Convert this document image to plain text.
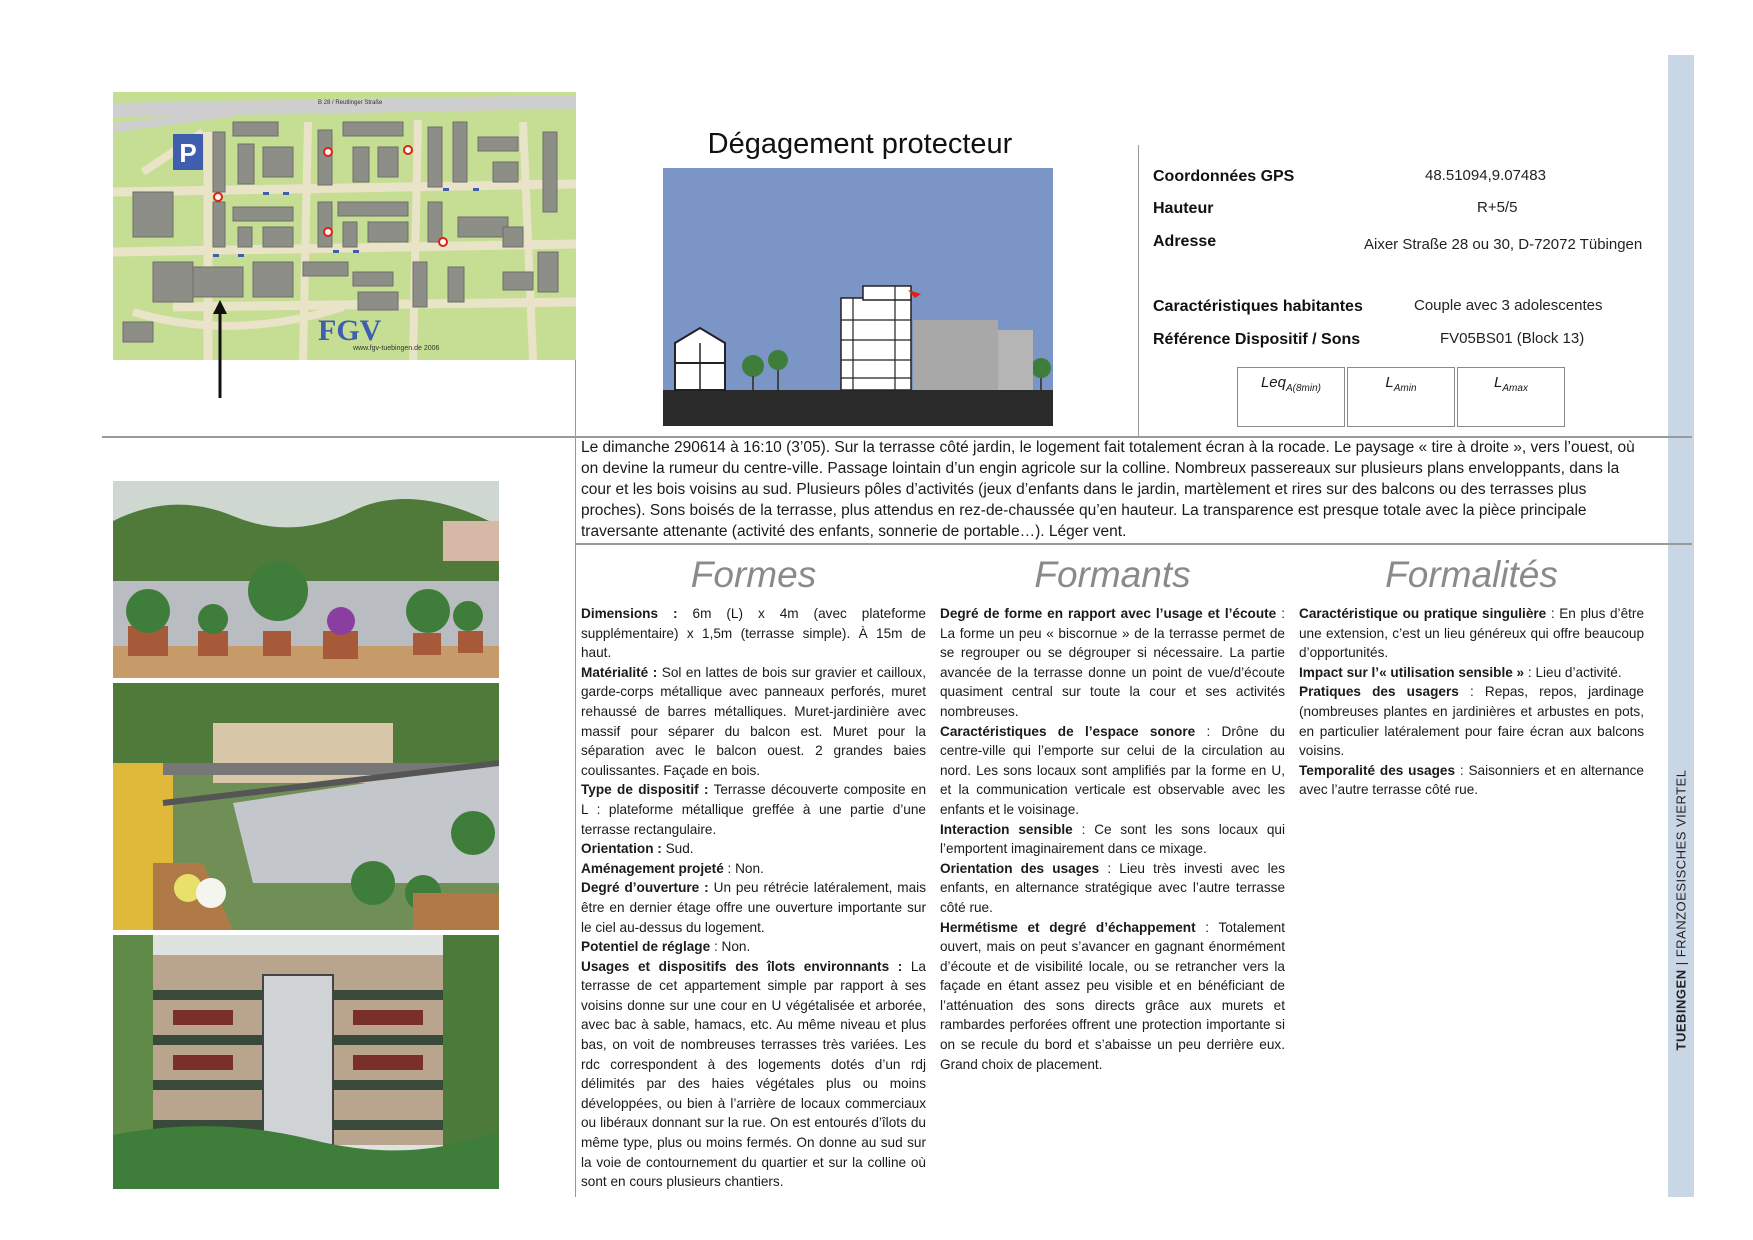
TUEBINGEN | FRANZOESISCHES VIERTEL
P
FGV
www.fgv-tuebingen.de 2006
B 28 / Reutlinger Straße
Dégagement protecteur
Coordonnées GPS	48.51094,9.07483
Hauteur	R+5/5
Adresse	Aixer Straße 28 ou 30, D-72072 Tübingen
Caractéristiques habitantes	Couple avec 3 adolescentes
Référence Dispositif / Sons	FV05BS01 (Block 13)
Leq$_{A(8min)}$	$L_{Amin}$	$L_{Amax}$
Le dimanche 290614 à 16:10 (3’05). Sur la terrasse côté jardin, le logement fait totalement écran à la rocade. Le paysage « tire à droite », vers l’ouest, où on devine la rumeur du centre-ville. Passage lointain d’un engin agricole sur la colline. Nombreux passereaux sur plusieurs plans enveloppants, dans la cour et les bois voisins au sud. Plusieurs pôles d’activités (jeux d’enfants dans le jardin, martèlement et rires sur des balcons ou des terrasses plus proches). Sons boisés de la terrasse, plus attendus en rez-de-chaussée qu’en hauteur. La transparence est presque totale avec la pièce principale traversante attenante (activité des enfants, sonnerie de portable…). Léger vent.
Formes	Formants	Formalités

Dimensions : 6m (L) x 4m (avec plateforme supplémentaire) x 1,5m (terrasse simple). À 15m de haut.

Matérialité : Sol en lattes de bois sur gravier et cailloux, garde-corps métallique avec panneaux perforés, muret rehaussé de barres métalliques. Muret-jardinière avec massif pour séparer du balcon est. Muret pour la séparation avec le balcon ouest. 2 grandes baies coulissantes. Façade en bois.

Type de dispositif : Terrasse découverte composite en L : plateforme métallique greffée à une partie d’une terrasse rectangulaire.

Orientation : Sud.

Aménagement projeté : Non.

Degré d’ouverture : Un peu rétrécie latéralement, mais être en dernier étage offre une ouverture importante sur le ciel au-dessus du logement.

Potentiel de réglage : Non.

Usages et dispositifs des îlots environnants : La terrasse de cet appartement simple par rapport à ses voisins donne sur une cour en U végétalisée et arborée, avec bac à sable, hamacs, etc. Au même niveau et plus bas, on voit de nombreuses terrasses très variées. Les rdc correspondent à des logements dotés d’un rdj délimités par des haies végétales plus ou moins développées, ou bien à l’arrière de locaux commerciaux ou libéraux donnant sur la rue. On est entourés d’îlots du même type, plus ou moins fermés. On donne au sud sur la voie de contournement du quartier et sur la colline où sont en cours plusieurs chantiers.

Degré de forme en rapport avec l’usage et l’écoute : La forme un peu « biscornue » de la terrasse permet de se regrouper ou se dégrouper si nécessaire. La partie avancée de la terrasse donne un point de vue/d’écoute quasiment central sur toute la cour et ses activités nombreuses.

Caractéristiques de l’espace sonore : Drône du centre-ville qui l’emporte sur celui de la circulation au nord. Les sons locaux sont amplifiés par la forme en U, et la communication verticale est observable avec les enfants et le voisinage.

Interaction sensible : Ce sont les sons locaux qui l’emportent imaginairement dans ce mixage.

Orientation des usages : Lieu très investi avec les enfants, en alternance stratégique avec l’autre terrasse côté rue.

Hermétisme et degré d’échappement : Totalement ouvert, mais on peut s’avancer en gagnant énormément d’écoute et de visibilité locale, ou se retrancher vers la façade en étant assez peu visible et en bénéficiant de l’atténuation des sons directs grâce aux murets et rambardes perforées offrent une protection importante si on se recule du bord et s’abaisse un peu derrière eux. Grand choix de placement.

Caractéristique ou pratique singulière : En plus d’être une extension, c’est un lieu généreux qui offre beaucoup d’opportunités.

Impact sur l’« utilisation sensible » : Lieu d’activité.

Pratiques des usagers : Repas, repos, jardinage (nombreuses plantes en jardinières et arbustes en pots, en particulier latéralement pour faire écran aux balcons voisins.

Temporalité des usages : Saisonniers et en alternance avec l’autre terrasse côté rue.
